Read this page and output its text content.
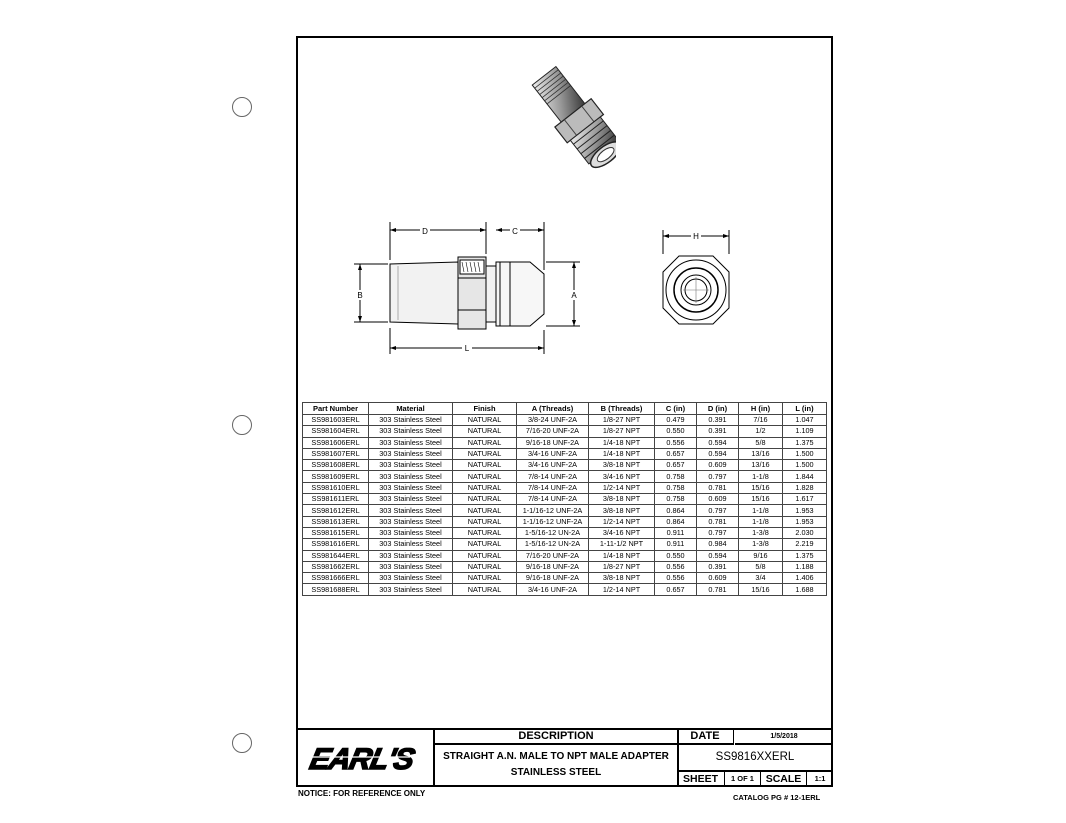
D	C
B	A
L
H
Part Number	Material	Finish	A (Threads)	B (Threads)	C (in)	D (in)	H (in)	L (in)
SS981603ERL	303 Stainless Steel	NATURAL	3/8-24 UNF-2A	1/8-27 NPT	0.479	0.391	7/16	1.047
SS981604ERL	303 Stainless Steel	NATURAL	7/16-20 UNF-2A	1/8-27 NPT	0.550	0.391	1/2	1.109
SS981606ERL	303 Stainless Steel	NATURAL	9/16-18 UNF-2A	1/4-18 NPT	0.556	0.594	5/8	1.375
SS981607ERL	303 Stainless Steel	NATURAL	3/4-16 UNF-2A	1/4-18 NPT	0.657	0.594	13/16	1.500
SS981608ERL	303 Stainless Steel	NATURAL	3/4-16 UNF-2A	3/8-18 NPT	0.657	0.609	13/16	1.500
SS981609ERL	303 Stainless Steel	NATURAL	7/8-14 UNF-2A	3/4-16 NPT	0.758	0.797	1-1/8	1.844
SS981610ERL	303 Stainless Steel	NATURAL	7/8-14 UNF-2A	1/2-14 NPT	0.758	0.781	15/16	1.828
SS981611ERL	303 Stainless Steel	NATURAL	7/8-14 UNF-2A	3/8-18 NPT	0.758	0.609	15/16	1.617
SS981612ERL	303 Stainless Steel	NATURAL	1-1/16-12 UNF-2A	3/8-18 NPT	0.864	0.797	1-1/8	1.953
SS981613ERL	303 Stainless Steel	NATURAL	1-1/16-12 UNF-2A	1/2-14 NPT	0.864	0.781	1-1/8	1.953
SS981615ERL	303 Stainless Steel	NATURAL	1-5/16-12 UN-2A	3/4-16 NPT	0.911	0.797	1-3/8	2.030
SS981616ERL	303 Stainless Steel	NATURAL	1-5/16-12 UN-2A	1-11-1/2 NPT	0.911	0.984	1-3/8	2.219
SS981644ERL	303 Stainless Steel	NATURAL	7/16-20 UNF-2A	1/4-18 NPT	0.550	0.594	9/16	1.375
SS981662ERL	303 Stainless Steel	NATURAL	9/16-18 UNF-2A	1/8-27 NPT	0.556	0.391	5/8	1.188
SS981666ERL	303 Stainless Steel	NATURAL	9/16-18 UNF-2A	3/8-18 NPT	0.556	0.609	3/4	1.406
SS981688ERL	303 Stainless Steel	NATURAL	3/4-16 UNF-2A	1/2-14 NPT	0.657	0.781	15/16	1.688
EARL'S
DESCRIPTION
STRAIGHT A.N. MALE TO NPT MALE ADAPTER
STAINLESS STEEL
DATE	1/5/2018
SS9816XXERL
SHEET	1 OF 1	SCALE	1:1
NOTICE: FOR REFERENCE ONLY	CATALOG PG # 12-1ERL
